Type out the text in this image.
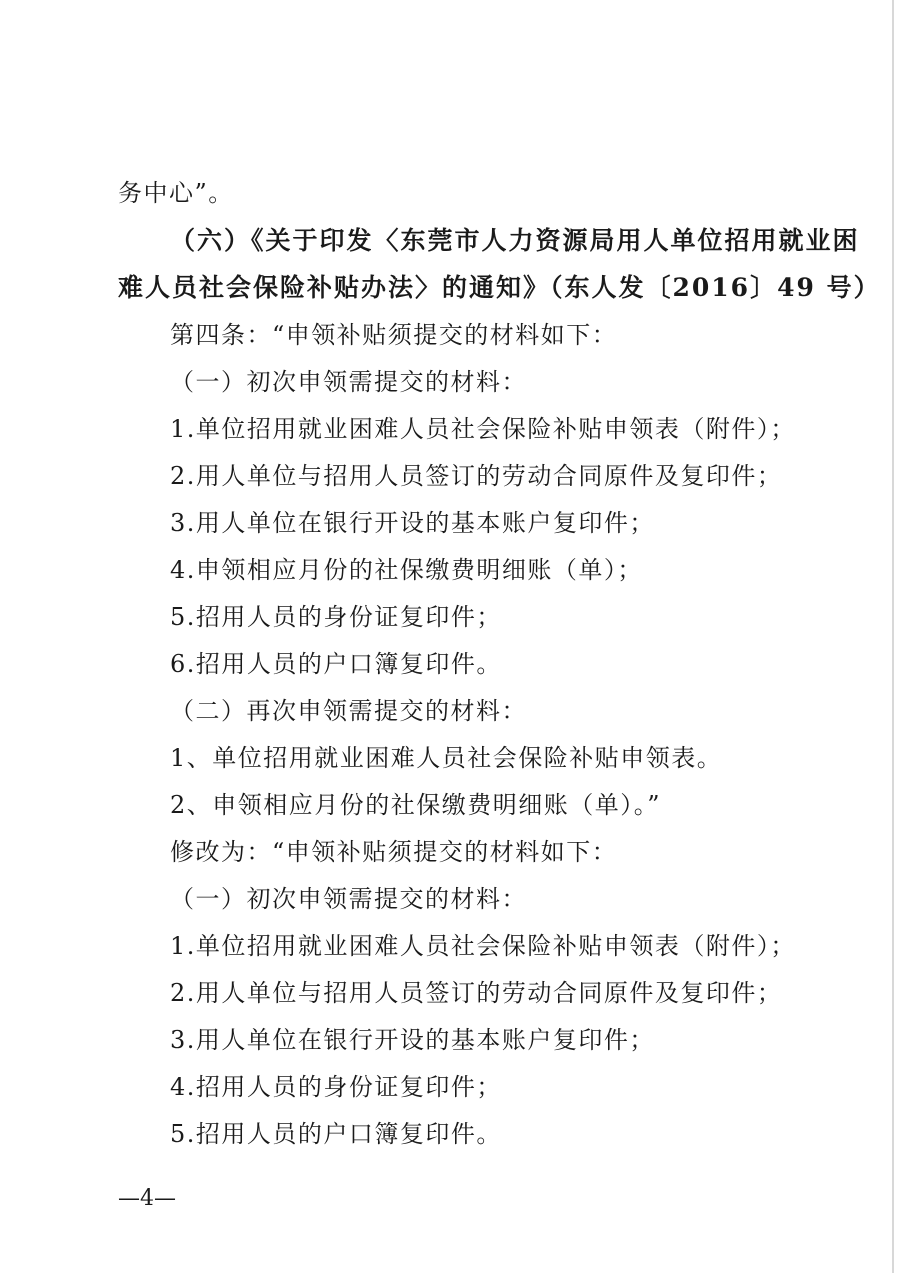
务中心”。
（六）《关于印发〈东莞市人力资源局用人单位招用就业困
难人员社会保险补贴办法〉的通知》（东人发〔2016〕49 号）
第四条：“申领补贴须提交的材料如下：
（一）初次申领需提交的材料：
1.单位招用就业困难人员社会保险补贴申领表（附件）；
2.用人单位与招用人员签订的劳动合同原件及复印件；
3.用人单位在银行开设的基本账户复印件；
4.申领相应月份的社保缴费明细账（单）；
5.招用人员的身份证复印件；
6.招用人员的户口簿复印件。
（二）再次申领需提交的材料：
1、单位招用就业困难人员社会保险补贴申领表。
2、申领相应月份的社保缴费明细账（单）。”
修改为：“申领补贴须提交的材料如下：
（一）初次申领需提交的材料：
1.单位招用就业困难人员社会保险补贴申领表（附件）；
2.用人单位与招用人员签订的劳动合同原件及复印件；
3.用人单位在银行开设的基本账户复印件；
4.招用人员的身份证复印件；
5.招用人员的户口簿复印件。
—4—
